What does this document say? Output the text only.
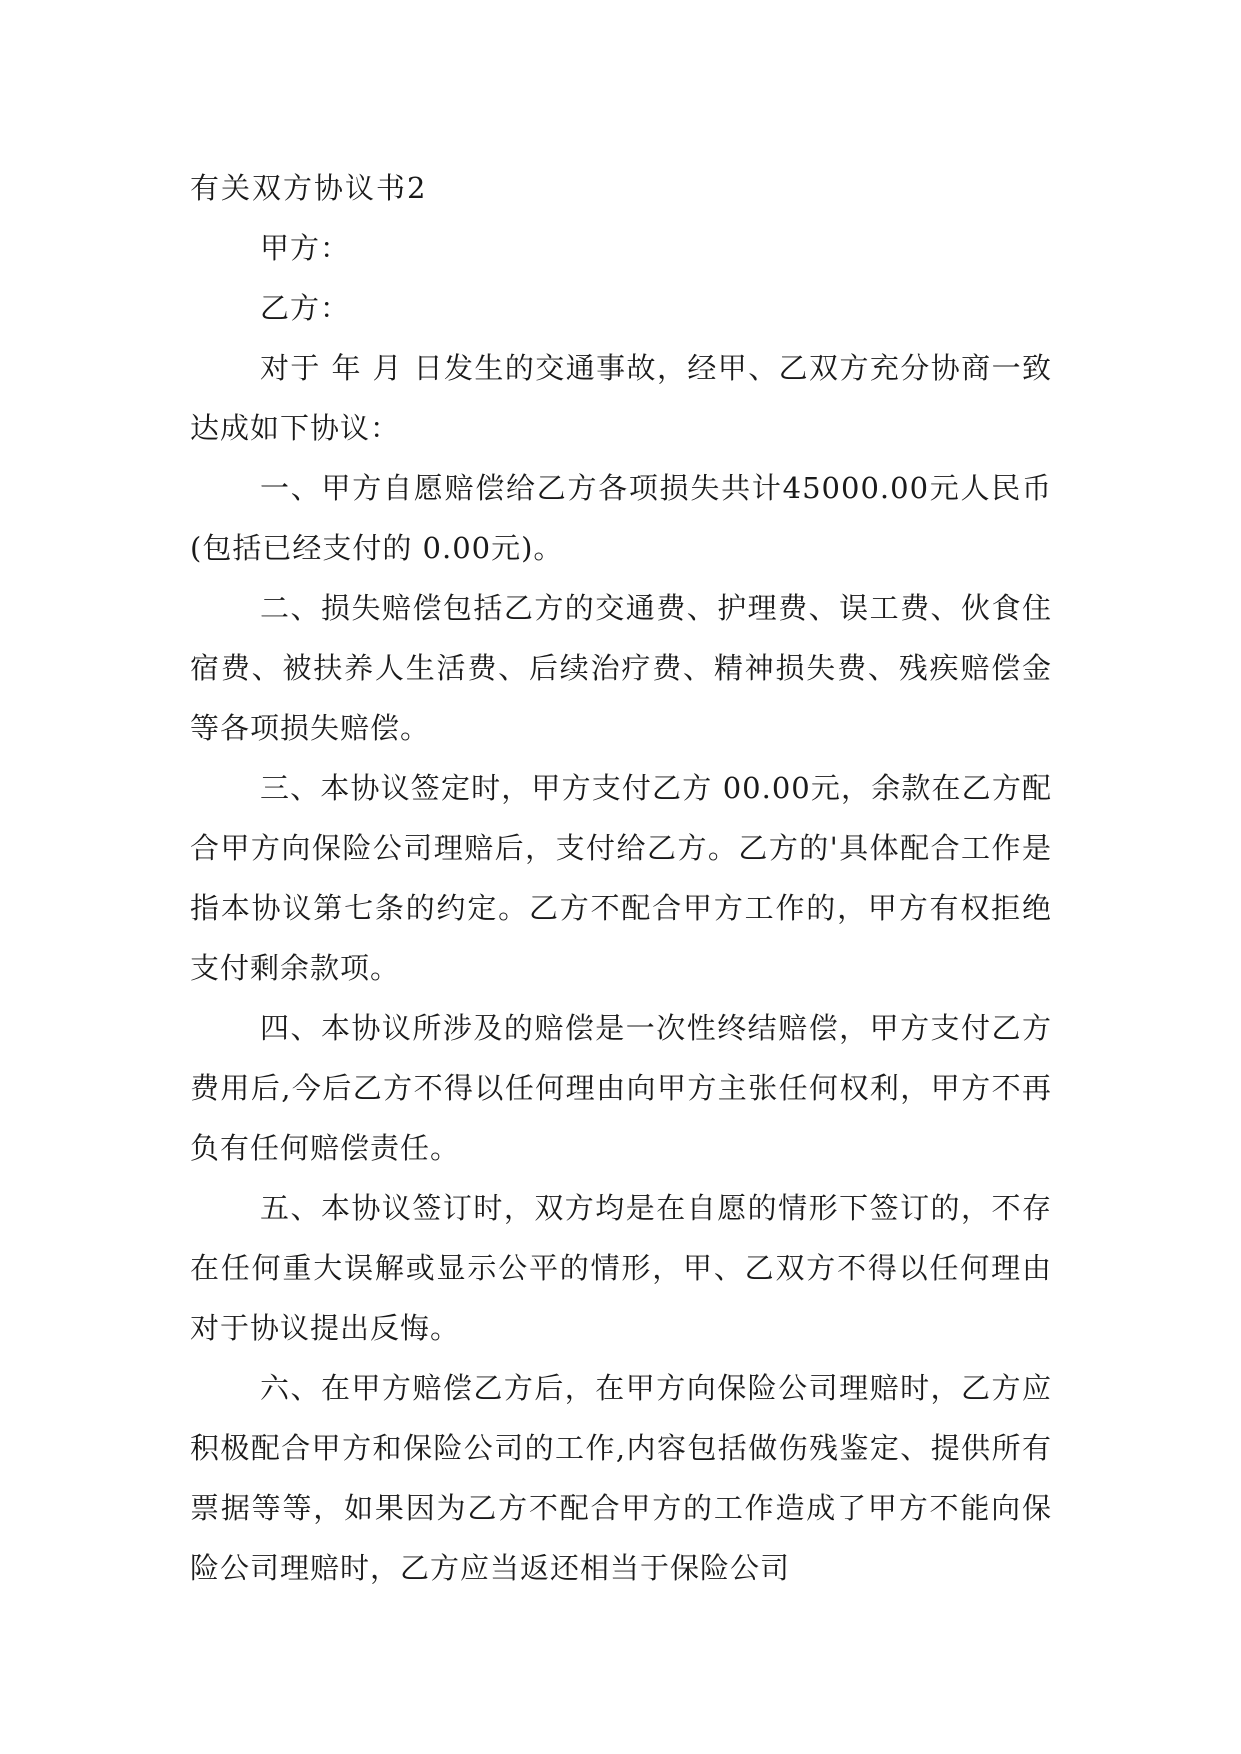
有关双方协议书2

甲方：

乙方：

对于 年 月 日发生的交通事故，经甲、乙双方充分协商一致达成如下协议：

一、甲方自愿赔偿给乙方各项损失共计45000.00元人民币(包括已经支付的 0.00元)。

二、损失赔偿包括乙方的交通费、护理费、误工费、伙食住宿费、被扶养人生活费、后续治疗费、精神损失费、残疾赔偿金等各项损失赔偿。

三、本协议签定时，甲方支付乙方 00.00元，余款在乙方配合甲方向保险公司理赔后，支付给乙方。乙方的'具体配合工作是指本协议第七条的约定。乙方不配合甲方工作的，甲方有权拒绝支付剩余款项。

四、本协议所涉及的赔偿是一次性终结赔偿，甲方支付乙方费用后,今后乙方不得以任何理由向甲方主张任何权利，甲方不再负有任何赔偿责任。

五、本协议签订时，双方均是在自愿的情形下签订的，不存在任何重大误解或显示公平的情形，甲、乙双方不得以任何理由对于协议提出反悔。

六、在甲方赔偿乙方后，在甲方向保险公司理赔时，乙方应积极配合甲方和保险公司的工作,内容包括做伤残鉴定、提供所有票据等等，如果因为乙方不配合甲方的工作造成了甲方不能向保险公司理赔时，乙方应当返还相当于保险公司
